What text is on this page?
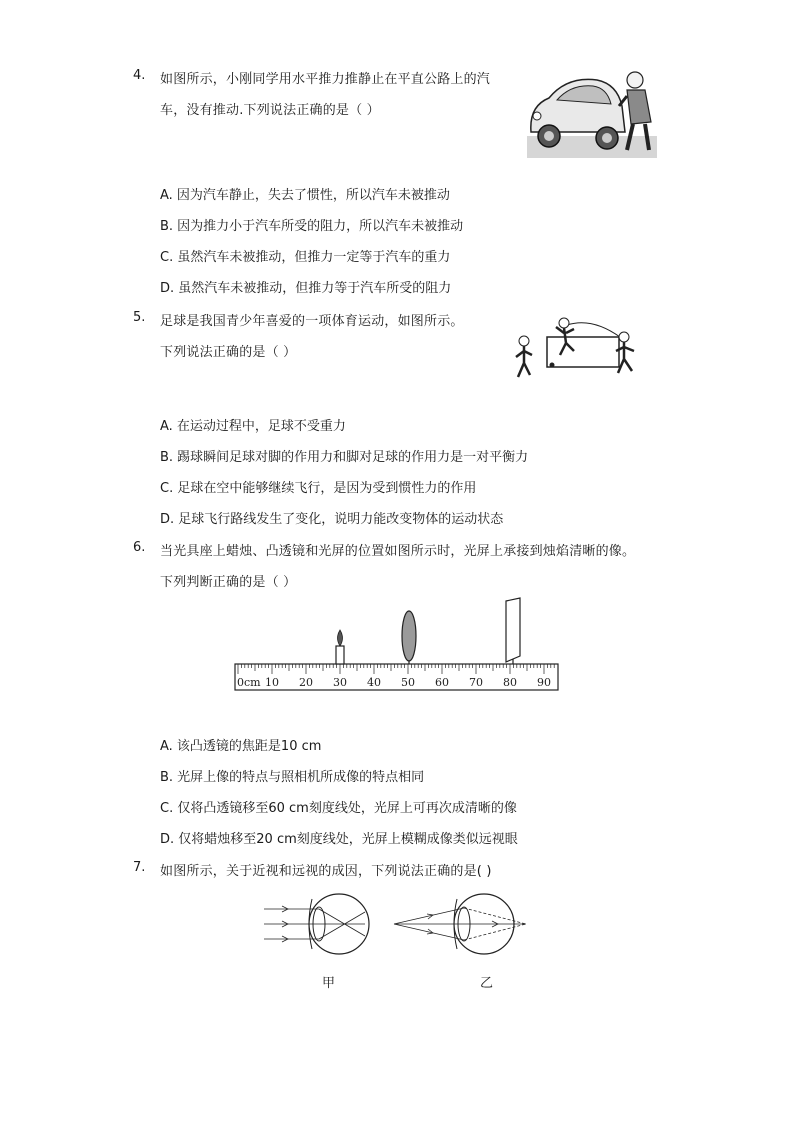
4. 如图所示，小刚同学用水平推力推静止在平直公路上的汽
车，没有推动.下列说法正确的是（ ）
A. 因为汽车静止，失去了惯性，所以汽车未被推动
B. 因为推力小于汽车所受的阻力，所以汽车未被推动
C. 虽然汽车未被推动，但推力一定等于汽车的重力
D. 虽然汽车未被推动，但推力等于汽车所受的阻力
5. 足球是我国青少年喜爱的一项体育运动，如图所示。
下列说法正确的是（ ）
A. 在运动过程中，足球不受重力
B. 踢球瞬间足球对脚的作用力和脚对足球的作用力是一对平衡力
C. 足球在空中能够继续飞行，是因为受到惯性力的作用
D. 足球飞行路线发生了变化，说明力能改变物体的运动状态
6. 当光具座上蜡烛、凸透镜和光屏的位置如图所示时，光屏上承接到烛焰清晰的像。
下列判断正确的是（ ）
0cm 10 20 30 40 50 60 70 80 90
A. 该凸透镜的焦距是10 cm
B. 光屏上像的特点与照相机所成像的特点相同
C. 仅将凸透镜移至60 cm刻度线处，光屏上可再次成清晰的像
D. 仅将蜡烛移至20 cm刻度线处，光屏上模糊成像类似远视眼
7. 如图所示，关于近视和远视的成因，下列说法正确的是( )
甲	乙
